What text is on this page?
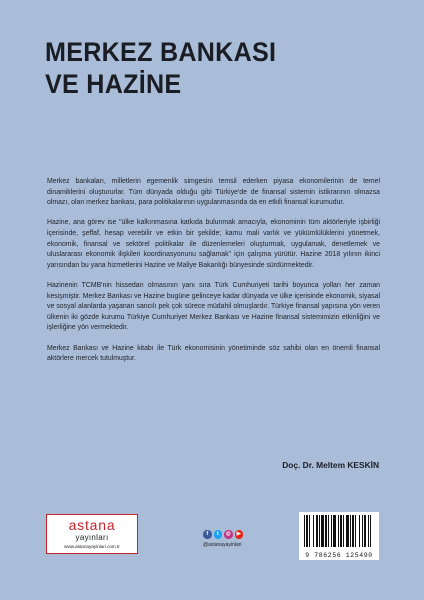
MERKEZ BANKASI
VE HAZİNE

Merkez bankaları, milletlerin egemenlik simgesini temsil ederken piyasa ekonomilerinin de temel dinamiklerini oluştururlar. Tüm dünyada olduğu gibi Türkiye'de de finansal sistemin istikrarının olmazsa olmazı, olan merkez bankası, para politikalarının uygulanmasında da en etkili finansal kurumudur.

Hazine, ana görev ise "ülke kalkınmasına katkıda bulunmak amacıyla, ekonominin tüm aktörleriyle işbirliği içerisinde, şeffaf, hesap verebilir ve etkin bir şekilde; kamu mali varlık ve yükümlülüklerini yönetmek, ekonomik, finansal ve sektörel politikalar ile düzenlemeleri oluşturmak, uygulamak, denetlemek ve uluslararası ekonomik ilişkileri koordinasyonunu sağlamak" için çalışma yürütür. Hazine 2018 yılının ikinci yarısından bu yana hizmetlerini Hazine ve Maliye Bakanlığı bünyesinde sürdürmektedir.

Hazinenin TCMB'nin hissedarı olmasının yanı sıra Türk Cumhuriyeti tarihi boyunca yolları her zaman kesişmiştir. Merkez Bankası ve Hazine bugüne gelinceye kadar dünyada ve ülke içerisinde ekonomik, siyasal ve sosyal alanlarda yaşanan sancılı pek çok sürece müdahil olmuşlardır. Türkiye finansal yapısına yön veren ülkenin iki gözde kurumu Türkiye Cumhuriyet Merkez Bankası ve Hazine finansal sistemimizin etkinliğini ve işlerliğine yön vermektedir.

Merkez Bankası ve Hazine kitabı ile Türk ekonomisinin yönetiminde söz sahibi olan en önemli finansal aktörlere mercek tutulmuştur.

Doç. Dr. Meltem KESKİN

astana
yayınları
www.astanayayinlari.com.tr
f	t	◎	▶
@astanayayinlari
9 786256 125490
